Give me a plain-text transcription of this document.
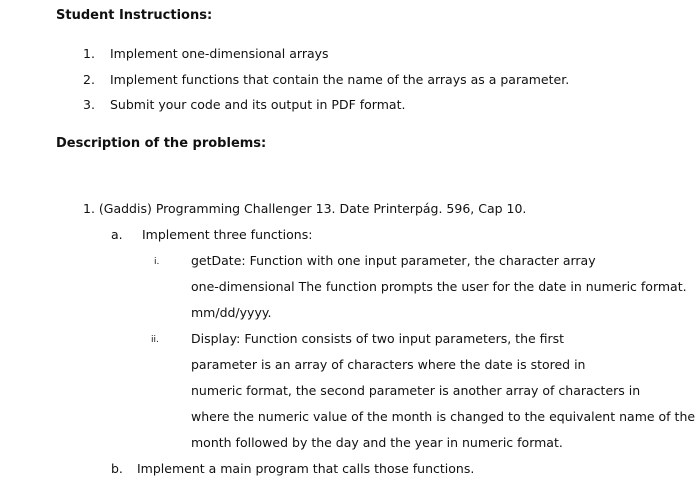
Student Instructions:
1. Implement one-dimensional arrays
2. Implement functions that contain the name of the arrays as a parameter.
3. Submit your code and its output in PDF format.
Description of the problems:
1. (Gaddis) Programming Challenger 13. Date Printerpág. 596, Cap 10.
a. Implement three functions:
i.	getDate: Function with one input parameter, the character array
one-dimensional The function prompts the user for the date in numeric format.
mm/dd/yyyy.
ii.	Display: Function consists of two input parameters, the first
parameter is an array of characters where the date is stored in
numeric format, the second parameter is another array of characters in
where the numeric value of the month is changed to the equivalent name of the
month followed by the day and the year in numeric format.
b. Implement a main program that calls those functions.
